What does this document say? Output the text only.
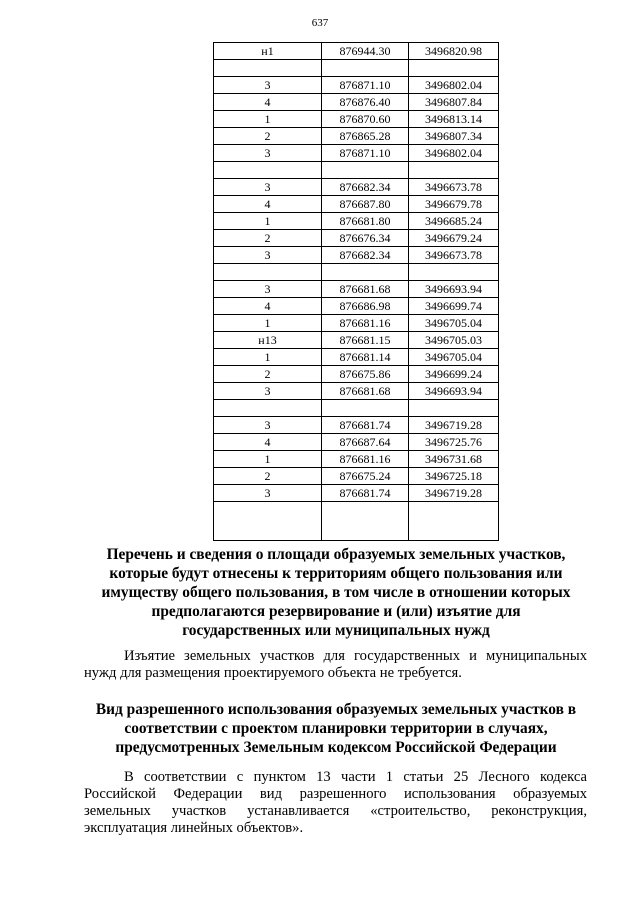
637
н1	876944.30	3496820.98

3	876871.10	3496802.04
4	876876.40	3496807.84
1	876870.60	3496813.14
2	876865.28	3496807.34
3	876871.10	3496802.04

3	876682.34	3496673.78
4	876687.80	3496679.78
1	876681.80	3496685.24
2	876676.34	3496679.24
3	876682.34	3496673.78

3	876681.68	3496693.94
4	876686.98	3496699.74
1	876681.16	3496705.04
н13	876681.15	3496705.03
1	876681.14	3496705.04
2	876675.86	3496699.24
3	876681.68	3496693.94

3	876681.74	3496719.28
4	876687.64	3496725.76
1	876681.16	3496731.68
2	876675.24	3496725.18
3	876681.74	3496719.28

Перечень и сведения о площади образуемых земельных участков,
которые будут отнесены к территориям общего пользования или
имуществу общего пользования, в том числе в отношении которых
предполагаются резервирование и (или) изъятие для
государственных или муниципальных нужд
Изъятие земельных участков для государственных и муниципальных
нужд для размещения проектируемого объекта не требуется.
Вид разрешенного использования образуемых земельных участков в
соответствии с проектом планировки территории в случаях,
предусмотренных Земельным кодексом Российской Федерации
В соответствии с пунктом 13 части 1 статьи 25 Лесного кодекса
Российской Федерации вид разрешенного использования образуемых
земельных участков устанавливается «строительство, реконструкция,
эксплуатация линейных объектов».
